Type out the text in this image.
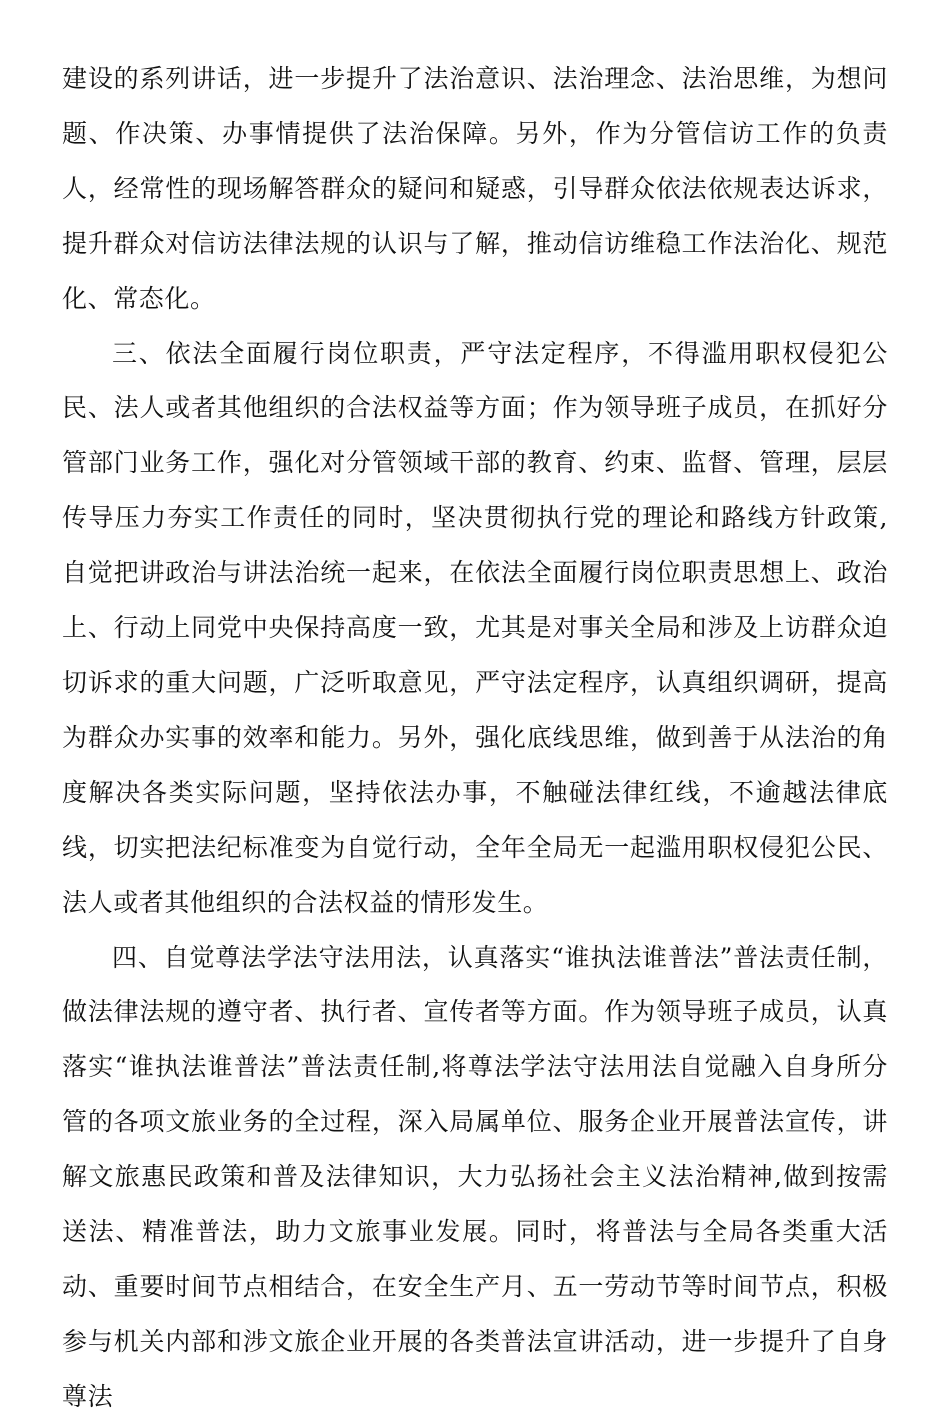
建设的系列讲话，进一步提升了法治意识、法治理念、法治思维，为想问题、作决策、办事情提供了法治保障。另外，作为分管信访工作的负责人，经常性的现场解答群众的疑问和疑惑，引导群众依法依规表达诉求，提升群众对信访法律法规的认识与了解，推动信访维稳工作法治化、规范化、常态化。

三、依法全面履行岗位职责，严守法定程序，不得滥用职权侵犯公民、法人或者其他组织的合法权益等方面；作为领导班子成员，在抓好分管部门业务工作，强化对分管领域干部的教育、约束、监督、管理，层层传导压力夯实工作责任的同时，坚决贯彻执行党的理论和路线方针政策,自觉把讲政治与讲法治统一起来，在依法全面履行岗位职责思想上、政治上、行动上同党中央保持高度一致，尤其是对事关全局和涉及上访群众迫切诉求的重大问题，广泛听取意见，严守法定程序，认真组织调研，提高为群众办实事的效率和能力。另外，强化底线思维，做到善于从法治的角度解决各类实际问题，坚持依法办事，不触碰法律红线，不逾越法律底线，切实把法纪标准变为自觉行动，全年全局无一起滥用职权侵犯公民、法人或者其他组织的合法权益的情形发生。

四、自觉尊法学法守法用法，认真落实“谁执法谁普法”普法责任制，做法律法规的遵守者、执行者、宣传者等方面。作为领导班子成员，认真落实“谁执法谁普法”普法责任制,将尊法学法守法用法自觉融入自身所分管的各项文旅业务的全过程，深入局属单位、服务企业开展普法宣传，讲解文旅惠民政策和普及法律知识，大力弘扬社会主义法治精神,做到按需送法、精准普法，助力文旅事业发展。同时，将普法与全局各类重大活动、重要时间节点相结合，在安全生产月、五一劳动节等时间节点，积极参与机关内部和涉文旅企业开展的各类普法宣讲活动，进一步提升了自身尊法
